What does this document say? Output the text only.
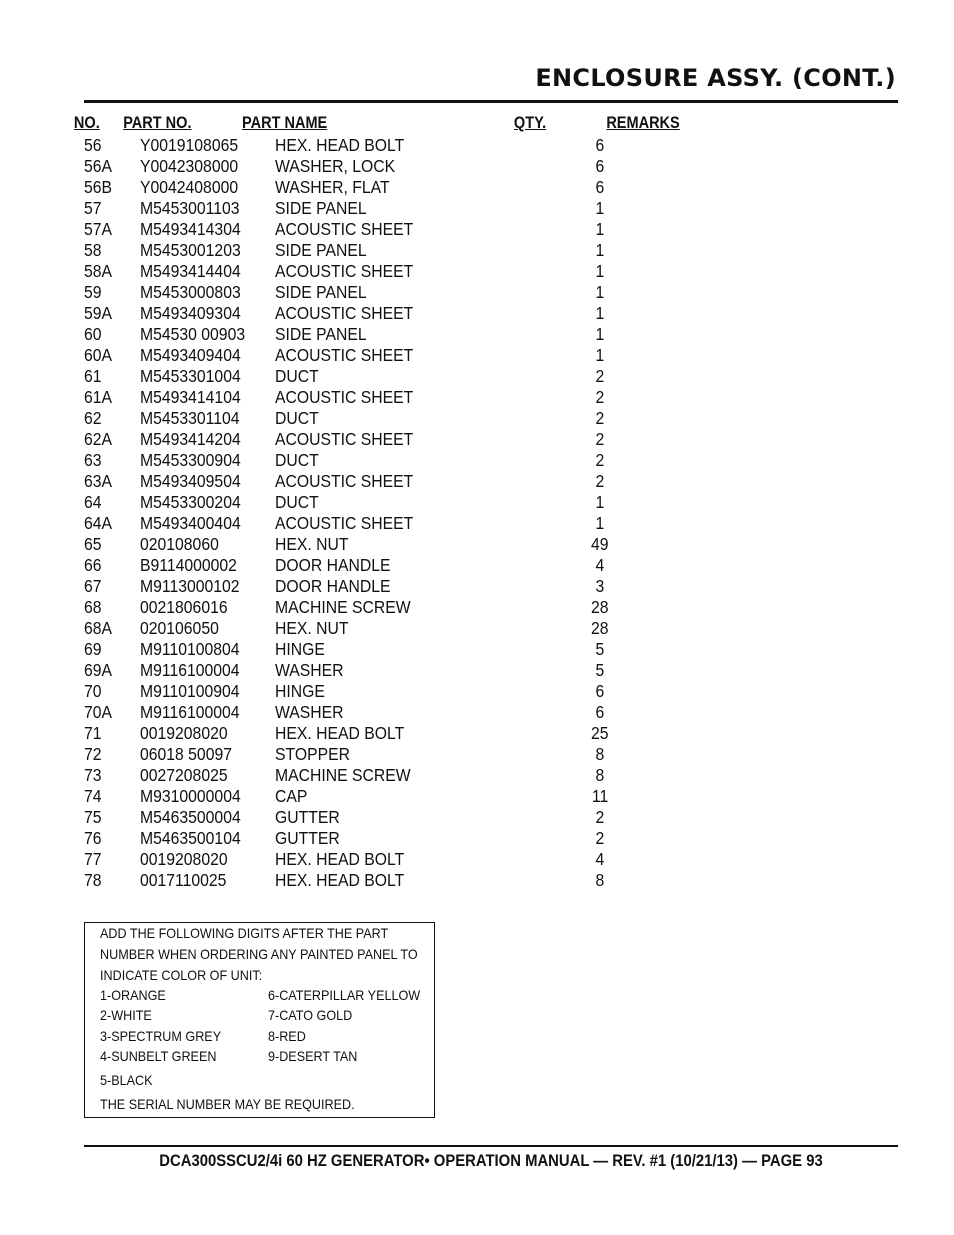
ENCLOSURE ASSY. (CONT.)
NO. PART NO.	PART NAME	QTY.	REMARKS
56 Y0019108065	HEX. HEAD BOLT	6
56A Y0042308000	WASHER, LOCK	6
56B Y0042408000	WASHER, FLAT	6
57 M5453001103	SIDE PANEL	1
57A M5493414304	ACOUSTIC SHEET	1
58 M5453001203	SIDE PANEL	1
58A M5493414404	ACOUSTIC SHEET	1
59 M5453000803	SIDE PANEL	1
59A M5493409304	ACOUSTIC SHEET	1
60 M54530 00903	SIDE PANEL	1
60A M5493409404	ACOUSTIC SHEET	1
61 M5453301004	DUCT	2
61A M5493414104	ACOUSTIC SHEET	2
62 M5453301104	DUCT	2
62A M5493414204	ACOUSTIC SHEET	2
63 M5453300904	DUCT	2
63A M5493409504	ACOUSTIC SHEET	2
64 M5453300204	DUCT	1
64A M5493400404	ACOUSTIC SHEET	1
65 020108060	HEX. NUT	49
66 B9114000002	DOOR HANDLE	4
67 M9113000102	DOOR HANDLE	3
68 0021806016	MACHINE SCREW	28
68A 020106050	HEX. NUT	28
69 M9110100804	HINGE	5
69A M9116100004	WASHER	5
70 M9110100904	HINGE	6
70A M9116100004	WASHER	6
71 0019208020	HEX. HEAD BOLT	25
72 06018 50097	STOPPER	8
73 0027208025	MACHINE SCREW	8
74 M9310000004	CAP	11
75 M5463500004	GUTTER	2
76 M5463500104	GUTTER	2
77 0019208020	HEX. HEAD BOLT	4
78 0017110025	HEX. HEAD BOLT	8
ADD THE FOLLOWING DIGITS AFTER THE PART
NUMBER WHEN ORDERING ANY PAINTED PANEL TO
INDICATE COLOR OF UNIT:
1-ORANGE	6-CATERPILLAR YELLOW
2-WHITE	7-CATO GOLD
3-SPECTRUM GREY	8-RED
4-SUNBELT GREEN	9-DESERT TAN
5-BLACK
THE SERIAL NUMBER MAY BE REQUIRED.
DCA300SSCU2/4i 60 HZ GENERATOR• OPERATION MANUAL — REV. #1 (10/21/13) — PAGE 93
